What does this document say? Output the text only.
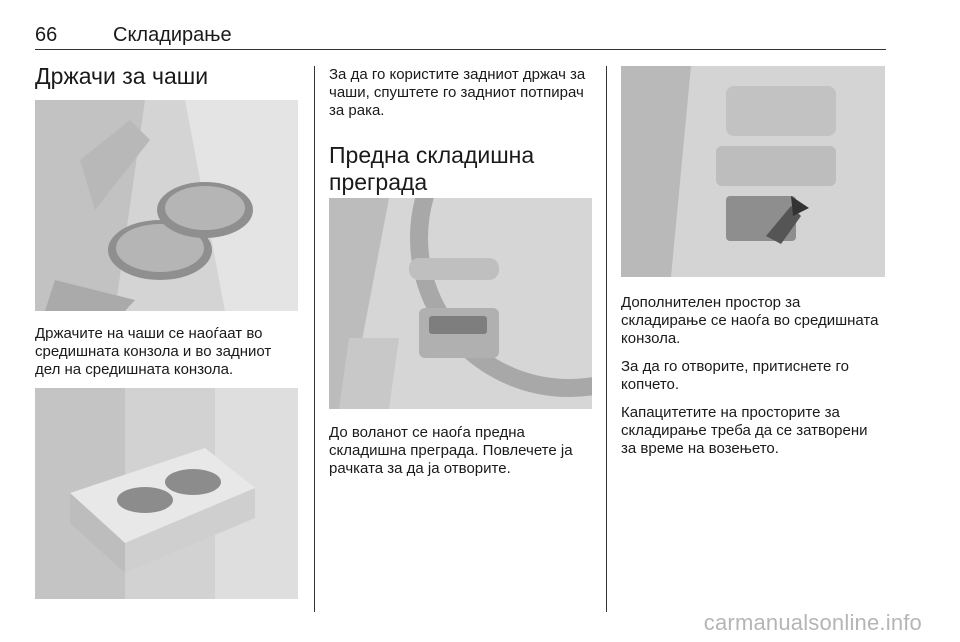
66	Складирање
Држачи за чаши

Држачите на чаши се наоѓаат во средишната конзола и во задниот дел на средишната конзола.

За да го користите задниот држач за чаши, спуштете го задниот потпирач за рака.

Предна складишна преграда

До воланот се наоѓа предна складишна преграда. Повлечете ја рачката за да ја отворите.

Дополнителен простор за складирање се наоѓа во средишната конзола.

За да го отворите, притиснете го копчето.

Капацитетите на просторите за складирање треба да се затворени за време на возењето.

carmanualsonline.info
